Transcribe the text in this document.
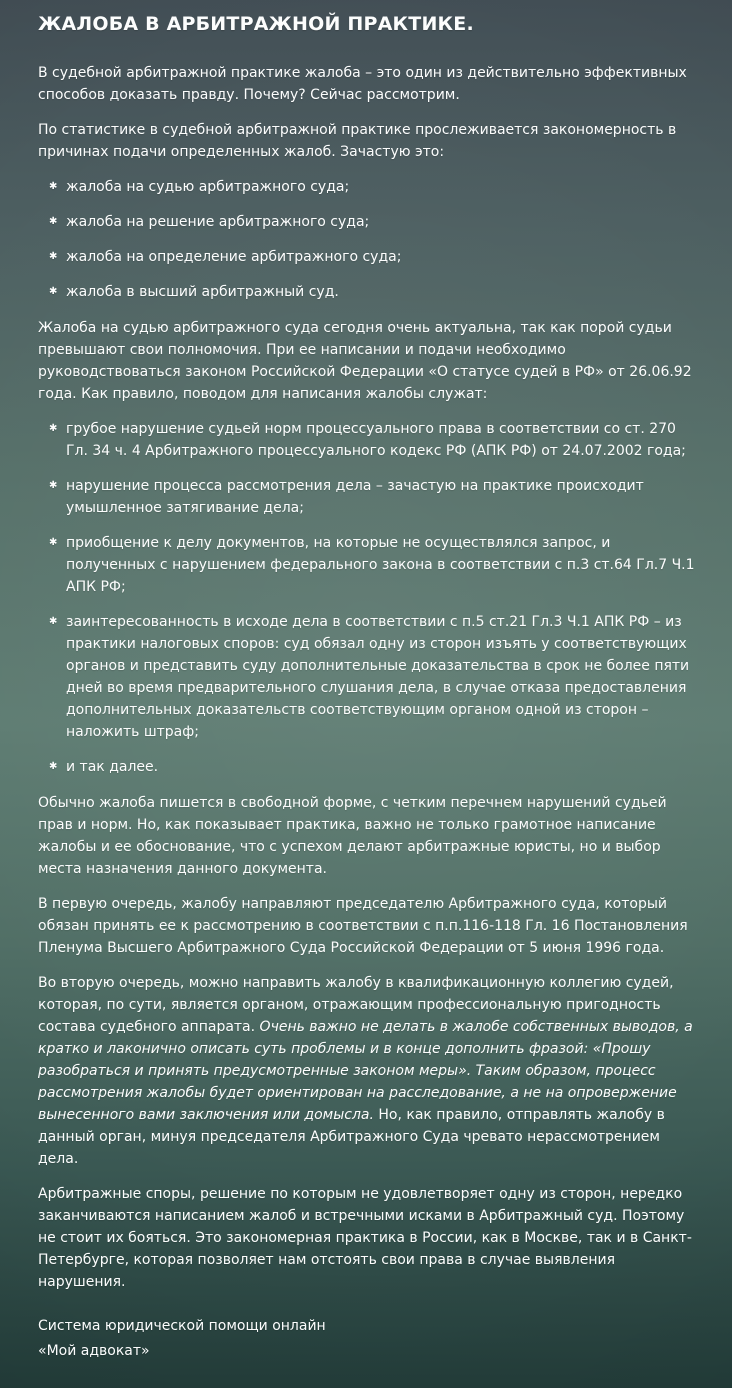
ЖАЛОБА В АРБИТРАЖНОЙ ПРАКТИКЕ.

В судебной арбитражной практике жалоба – это один из действительно эффективных способов доказать правду. Почему? Сейчас рассмотрим.

По статистике в судебной арбитражной практике прослеживается закономерность в причинах подачи определенных жалоб. Зачастую это:

✱ жалоба на судью арбитражного суда;
✱ жалоба на решение арбитражного суда;
✱ жалоба на определение арбитражного суда;
✱ жалоба в высший арбитражный суд.

Жалоба на судью арбитражного суда сегодня очень актуальна, так как порой судьи превышают свои полномочия. При ее написании и подачи необходимо руководствоваться законом Российской Федерации «О статусе судей в РФ» от 26.06.92 года. Как правило, поводом для написания жалобы служат:

✱ грубое нарушение судьей норм процессуального права в соответствии со ст. 270 Гл. 34 ч. 4 Арбитражного процессуального кодекс РФ (АПК РФ) от 24.07.2002 года;
✱ нарушение процесса рассмотрения дела – зачастую на практике происходит умышленное затягивание дела;
✱ приобщение к делу документов, на которые не осуществлялся запрос, и полученных с нарушением федерального закона в соответствии с п.3 ст.64 Гл.7 Ч.1 АПК РФ;
✱ заинтересованность в исходе дела в соответствии с п.5 ст.21 Гл.3 Ч.1 АПК РФ – из практики налоговых споров: суд обязал одну из сторон изъять у соответствующих органов и представить суду дополнительные доказательства в срок не более пяти дней во время предварительного слушания дела, в случае отказа предоставления дополнительных доказательств соответствующим органом одной из сторон – наложить штраф;
✱ и так далее.

Обычно жалоба пишется в свободной форме, с четким перечнем нарушений судьей прав и норм. Но, как показывает практика, важно не только грамотное написание жалобы и ее обоснование, что с успехом делают арбитражные юристы, но и выбор места назначения данного документа.

В первую очередь, жалобу направляют председателю Арбитражного суда, который обязан принять ее к рассмотрению в соответствии с п.п.116-118 Гл. 16 Постановления Пленума Высшего Арбитражного Суда Российской Федерации от 5 июня 1996 года.

Во вторую очередь, можно направить жалобу в квалификационную коллегию судей, которая, по сути, является органом, отражающим профессиональную пригодность состава судебного аппарата. Очень важно не делать в жалобе собственных выводов, а кратко и лаконично описать суть проблемы и в конце дополнить фразой: «Прошу разобраться и принять предусмотренные законом меры». Таким образом, процесс рассмотрения жалобы будет ориентирован на расследование, а не на опровержение вынесенного вами заключения или домысла. Но, как правило, отправлять жалобу в данный орган, минуя председателя Арбитражного Суда чревато нерассмотрением дела.

Арбитражные споры, решение по которым не удовлетворяет одну из сторон, нередко заканчиваются написанием жалоб и встречными исками в Арбитражный суд. Поэтому не стоит их бояться. Это закономерная практика в России, как в Москве, так и в Санкт-Петербурге, которая позволяет нам отстоять свои права в случае выявления нарушения.

Система юридической помощи онлайн
«Мой адвокат»
